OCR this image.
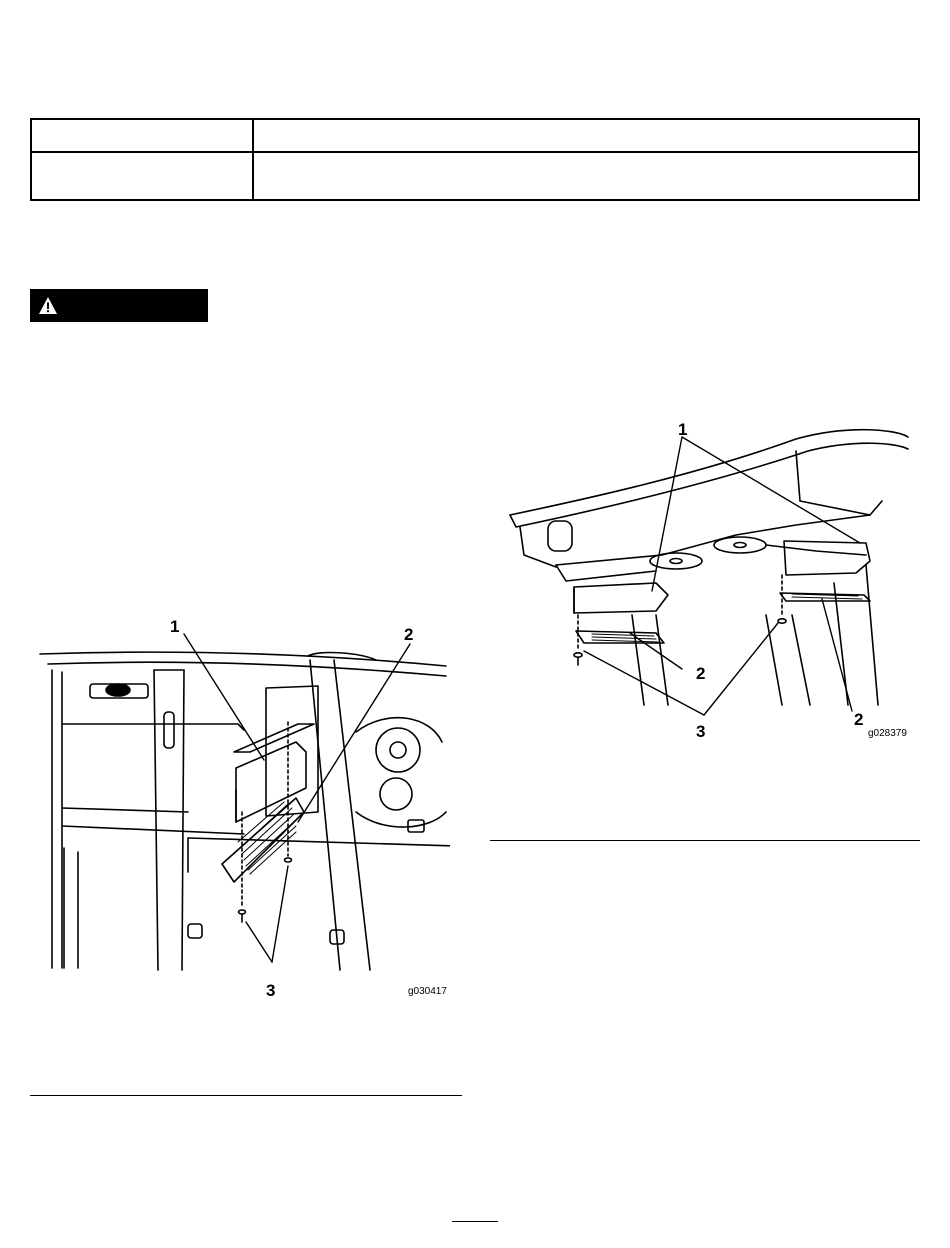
1	2
3	g030417
1
2
2
3	g028379
